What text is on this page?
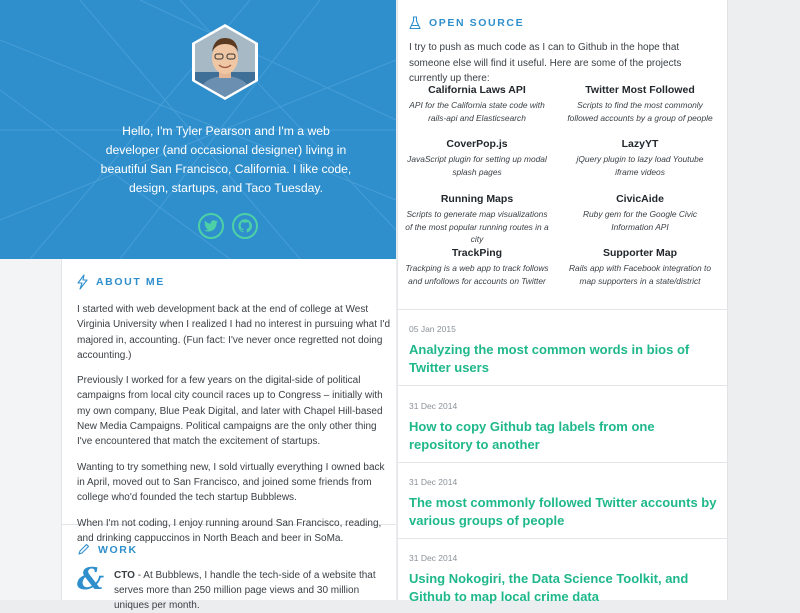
Hello, I'm Tyler Pearson and I'm a web developer (and occasional designer) living in beautiful San Francisco, California. I like code, design, startups, and Taco Tuesday.
ABOUT ME

I started with web development back at the end of college at West Virginia University when I realized I had no interest in pursuing what I'd majored in, accounting. (Fun fact: I've never once regretted not doing accounting.)

Previously I worked for a few years on the digital-side of political campaigns from local city council races up to Congress – initially with my own company, Blue Peak Digital, and later with Chapel Hill-based New Media Campaigns. Political campaigns are the only other thing I've encountered that match the excitement of startups.

Wanting to try something new, I sold virtually everything I owned back in April, moved out to San Francisco, and joined some friends from college who'd founded the tech startup Bubblews.

When I'm not coding, I enjoy running around San Francisco, reading, and drinking cappuccinos in North Beach and beer in SoMa.

WORK
& CTO - At Bubblews, I handle the tech-side of a website that serves more than 250 million page views and 30 million uniques per month.
OPEN SOURCE
I try to push as much code as I can to Github in the hope that someone else will find it useful. Here are some of the projects currently up there:
California Laws API
API for the California state code with rails-api and Elasticsearch
Twitter Most Followed
Scripts to find the most commonly followed accounts by a group of people
CoverPop.js
JavaScript plugin for setting up modal splash pages
LazyYT
jQuery plugin to lazy load Youtube iframe videos
Running Maps
Scripts to generate map visualizations of the most popular running routes in a city
CivicAide
Ruby gem for the Google Civic Information API
TrackPing
Trackping is a web app to track follows and unfollows for accounts on Twitter
Supporter Map
Rails app with Facebook integration to map supporters in a state/district
05 Jan 2015
Analyzing the most common words in bios of Twitter users
31 Dec 2014
How to copy Github tag labels from one repository to another
31 Dec 2014
The most commonly followed Twitter accounts by various groups of people
31 Dec 2014
Using Nokogiri, the Data Science Toolkit, and Github to map local crime data
